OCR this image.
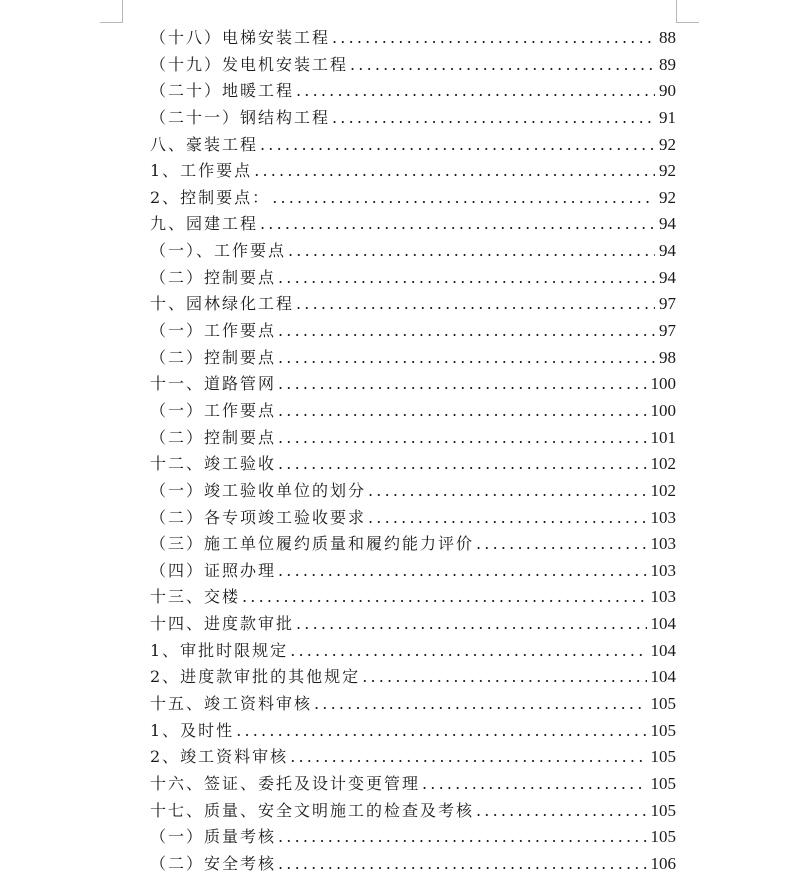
（十八）电梯安装工程 .....	88
（十九）发电机安装工程 .....	89
（二十）地暖工程 .....	90
（二十一）钢结构工程 .....	91
八、豪装工程 .....	92
1、工作要点 .....	92
2、控制要点： .....	92
九、园建工程 .....	94
（一）、工作要点 .....	94
（二）控制要点 .....	94
十、园林绿化工程 .....	97
（一）工作要点 .....	97
（二）控制要点 .....	98
十一、道路管网 .....	100
（一）工作要点 .....	100
（二）控制要点 .....	101
十二、竣工验收 .....	102
（一）竣工验收单位的划分 .....	102
（二）各专项竣工验收要求 .....	103
（三）施工单位履约质量和履约能力评价 .....	103
（四）证照办理 .....	103
十三、交楼 .....	103
十四、进度款审批 .....	104
1、审批时限规定 .....	104
2、进度款审批的其他规定 .....	104
十五、竣工资料审核 .....	105
1、及时性 .....	105
2、竣工资料审核 .....	105
十六、签证、委托及设计变更管理 .....	105
十七、质量、安全文明施工的检查及考核 .....	105
（一）质量考核 .....	105
（二）安全考核 .....	106
